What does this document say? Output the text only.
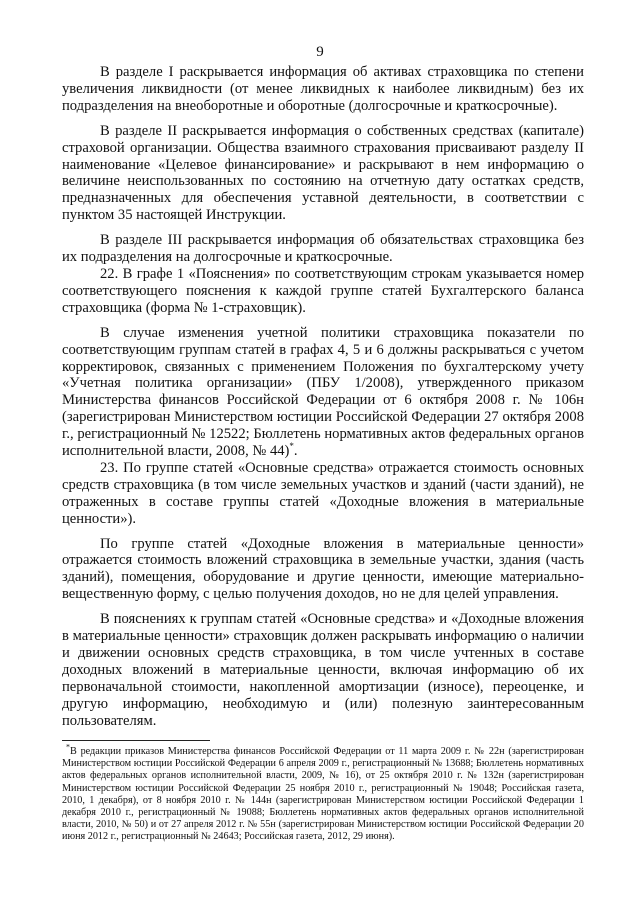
9

В разделе I раскрывается информация об активах страховщика по степени увеличения ликвидности (от менее ликвидных к наиболее ликвидным) без их подразделения на внеоборотные и оборотные (долгосрочные и краткосрочные).

В разделе II раскрывается информация о собственных средствах (капитале) страховой организации. Общества взаимного страхования присваивают разделу II наименование «Целевое финансирование» и раскрывают в нем информацию о величине неиспользованных по состоянию на отчетную дату остатках средств, предназначенных для обеспечения уставной деятельности, в соответствии с пунктом 35 настоящей Инструкции.

В разделе III раскрывается информация об обязательствах страховщика без их подразделения на долгосрочные и краткосрочные.

22. В графе 1 «Пояснения» по соответствующим строкам указывается номер соответствующего пояснения к каждой группе статей Бухгалтерского баланса страховщика (форма № 1-страховщик).

В случае изменения учетной политики страховщика показатели по соответствующим группам статей в графах 4, 5 и 6 должны раскрываться с учетом корректировок, связанных с применением Положения по бухгалтерскому учету «Учетная политика организации» (ПБУ 1/2008), утвержденного приказом Министерства финансов Российской Федерации от 6 октября 2008 г. № 106н (зарегистрирован Министерством юстиции Российской Федерации 27 октября 2008 г., регистрационный № 12522; Бюллетень нормативных актов федеральных органов исполнительной власти, 2008, № 44)*.

23. По группе статей «Основные средства» отражается стоимость основных средств страховщика (в том числе земельных участков и зданий (части зданий), не отраженных в составе группы статей «Доходные вложения в материальные ценности»).

По группе статей «Доходные вложения в материальные ценности» отражается стоимость вложений страховщика в земельные участки, здания (часть зданий), помещения, оборудование и другие ценности, имеющие материально-вещественную форму, с целью получения доходов, но не для целей управления.

В пояснениях к группам статей «Основные средства» и «Доходные вложения в материальные ценности» страховщик должен раскрывать информацию о наличии и движении основных средств страховщика, в том числе учтенных в составе доходных вложений в материальные ценности, включая информацию об их первоначальной стоимости, накопленной амортизации (износе), переоценке, и другую информацию, необходимую и (или) полезную заинтересованным пользователям.

*В редакции приказов Министерства финансов Российской Федерации от 11 марта 2009 г. № 22н (зарегистрирован Министерством юстиции Российской Федерации 6 апреля 2009 г., регистрационный № 13688; Бюллетень нормативных актов федеральных органов исполнительной власти, 2009, № 16), от 25 октября 2010 г. № 132н (зарегистрирован Министерством юстиции Российской Федерации 25 ноября 2010 г., регистрационный № 19048; Российская газета, 2010, 1 декабря), от 8 ноября 2010 г. № 144н (зарегистрирован Министерством юстиции Российской Федерации 1 декабря 2010 г., регистрационный № 19088; Бюллетень нормативных актов федеральных органов исполнительной власти, 2010, № 50) и от 27 апреля 2012 г. № 55н (зарегистрирован Министерством юстиции Российской Федерации 20 июня 2012 г., регистрационный № 24643; Российская газета, 2012, 29 июня).
